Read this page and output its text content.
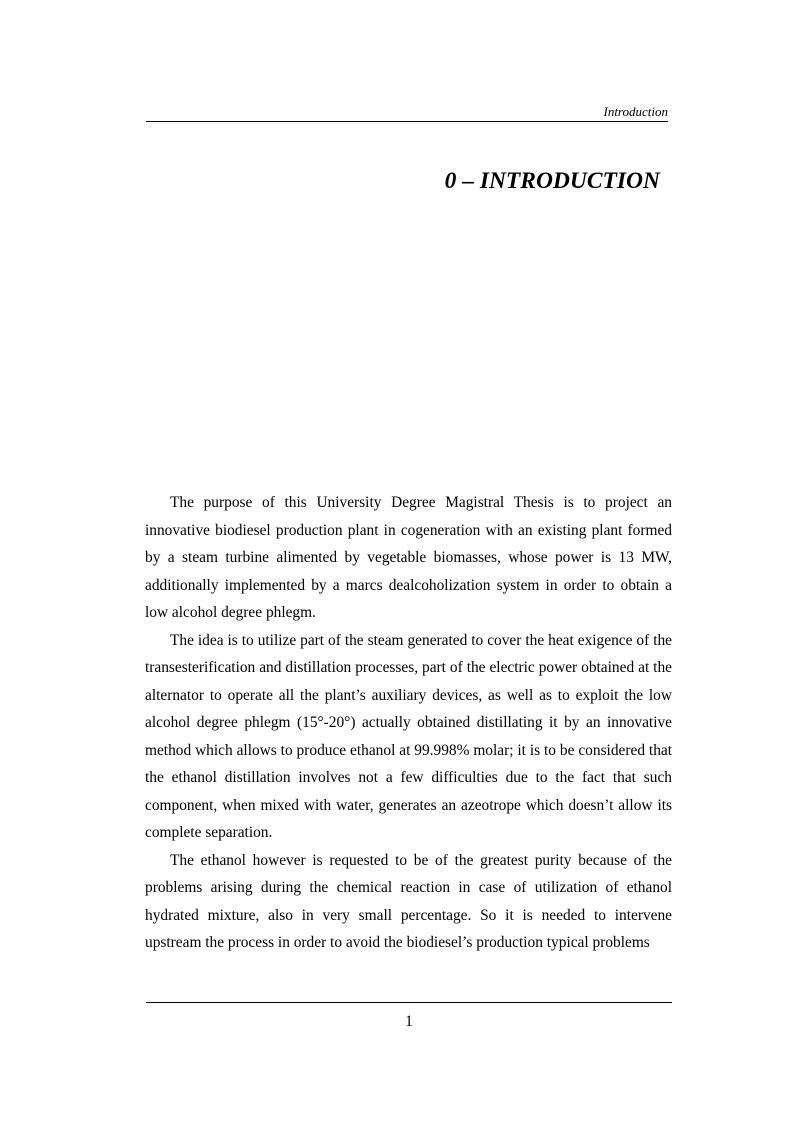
Introduction
0 – INTRODUCTION

The purpose of this University Degree Magistral Thesis is to project an innovative biodiesel production plant in cogeneration with an existing plant formed by a steam turbine alimented by vegetable biomasses, whose power is 13 MW, additionally implemented by a marcs dealcoholization system in order to obtain a low alcohol degree phlegm.

The idea is to utilize part of the steam generated to cover the heat exigence of the transesterification and distillation processes, part of the electric power obtained at the alternator to operate all the plant’s auxiliary devices, as well as to exploit the low alcohol degree phlegm (15°-20°) actually obtained distillating it by an innovative method which allows to produce ethanol at 99.998% molar; it is to be considered that the ethanol distillation involves not a few difficulties due to the fact that such component, when mixed with water, generates an azeotrope which doesn’t allow its complete separation.

The ethanol however is requested to be of the greatest purity because of the problems arising during the chemical reaction in case of utilization of ethanol hydrated mixture, also in very small percentage. So it is needed to intervene upstream the process in order to avoid the biodiesel’s production typical problems

1
